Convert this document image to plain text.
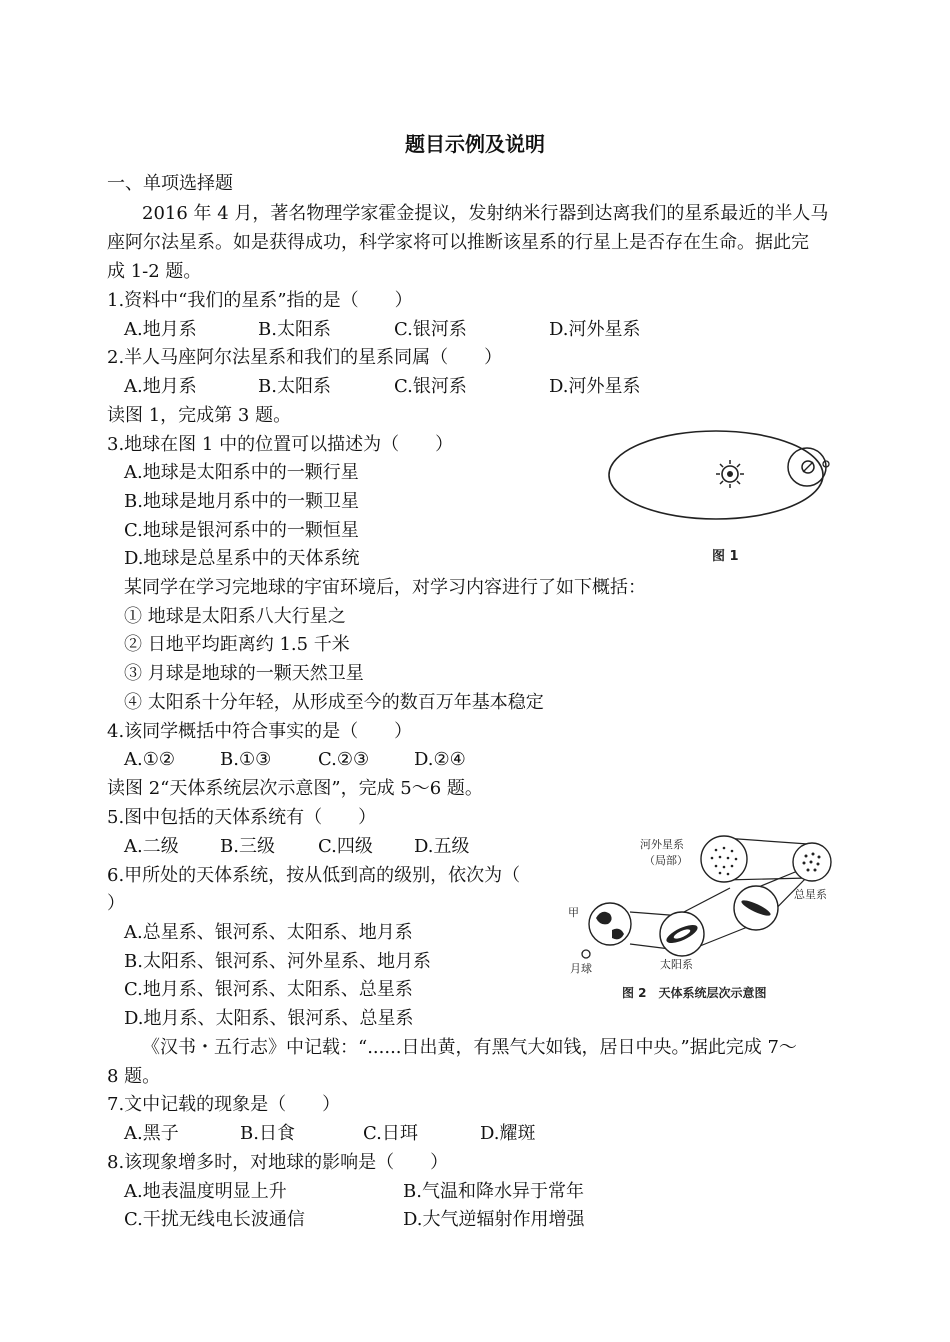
题目示例及说明
一、单项选择题
2016 年 4 月，著名物理学家霍金提议，发射纳米行器到达离我们的星系最近的半人马
座阿尔法星系。如是获得成功，科学家将可以推断该星系的行星上是否存在生命。据此完
成 1-2 题。
1.资料中“我们的星系”指的是（　　）
A.地月系	B.太阳系	C.银河系	D.河外星系
2.半人马座阿尔法星系和我们的星系同属（　　）
A.地月系	B.太阳系	C.银河系	D.河外星系
读图 1，完成第 3 题。
3.地球在图 1 中的位置可以描述为（　　）
A.地球是太阳系中的一颗行星
B.地球是地月系中的一颗卫星
C.地球是银河系中的一颗恒星
D.地球是总星系中的天体系统	图 1
某同学在学习完地球的宇宙环境后，对学习内容进行了如下概括：
① 地球是太阳系八大行星之
② 日地平均距离约 1.5 千米
③ 月球是地球的一颗天然卫星
④ 太阳系十分年轻，从形成至今的数百万年基本稳定
4.该同学概括中符合事实的是（　　）
A.①②	B.①③	C.②③ D.②④
读图 2“天体系统层次示意图”，完成 5～6 题。
5.图中包括的天体系统有（　　）
A.二级 B.三级 C.四级 D.五级
6.甲所处的天体系统，按从低到高的级别，依次为（
）
A.总星系、银河系、太阳系、地月系
B.太阳系、银河系、河外星系、地月系
C.地月系、银河系、太阳系、总星系
D.地月系、太阳系、银河系、总星系
河外星系
（局部）
总星系
甲
月球	太阳系
图 2　天体系统层次示意图
《汉书・五行志》中记载：“......日出黄，有黑气大如钱，居日中央。”据此完成 7～
8 题。
7.文中记载的现象是（　　）
A.黑子	B.日食	C.日珥	D.耀斑
8.该现象增多时，对地球的影响是（　　）
A.地表温度明显上升	B.气温和降水异于常年
C.干扰无线电长波通信	D.大气逆辐射作用增强
